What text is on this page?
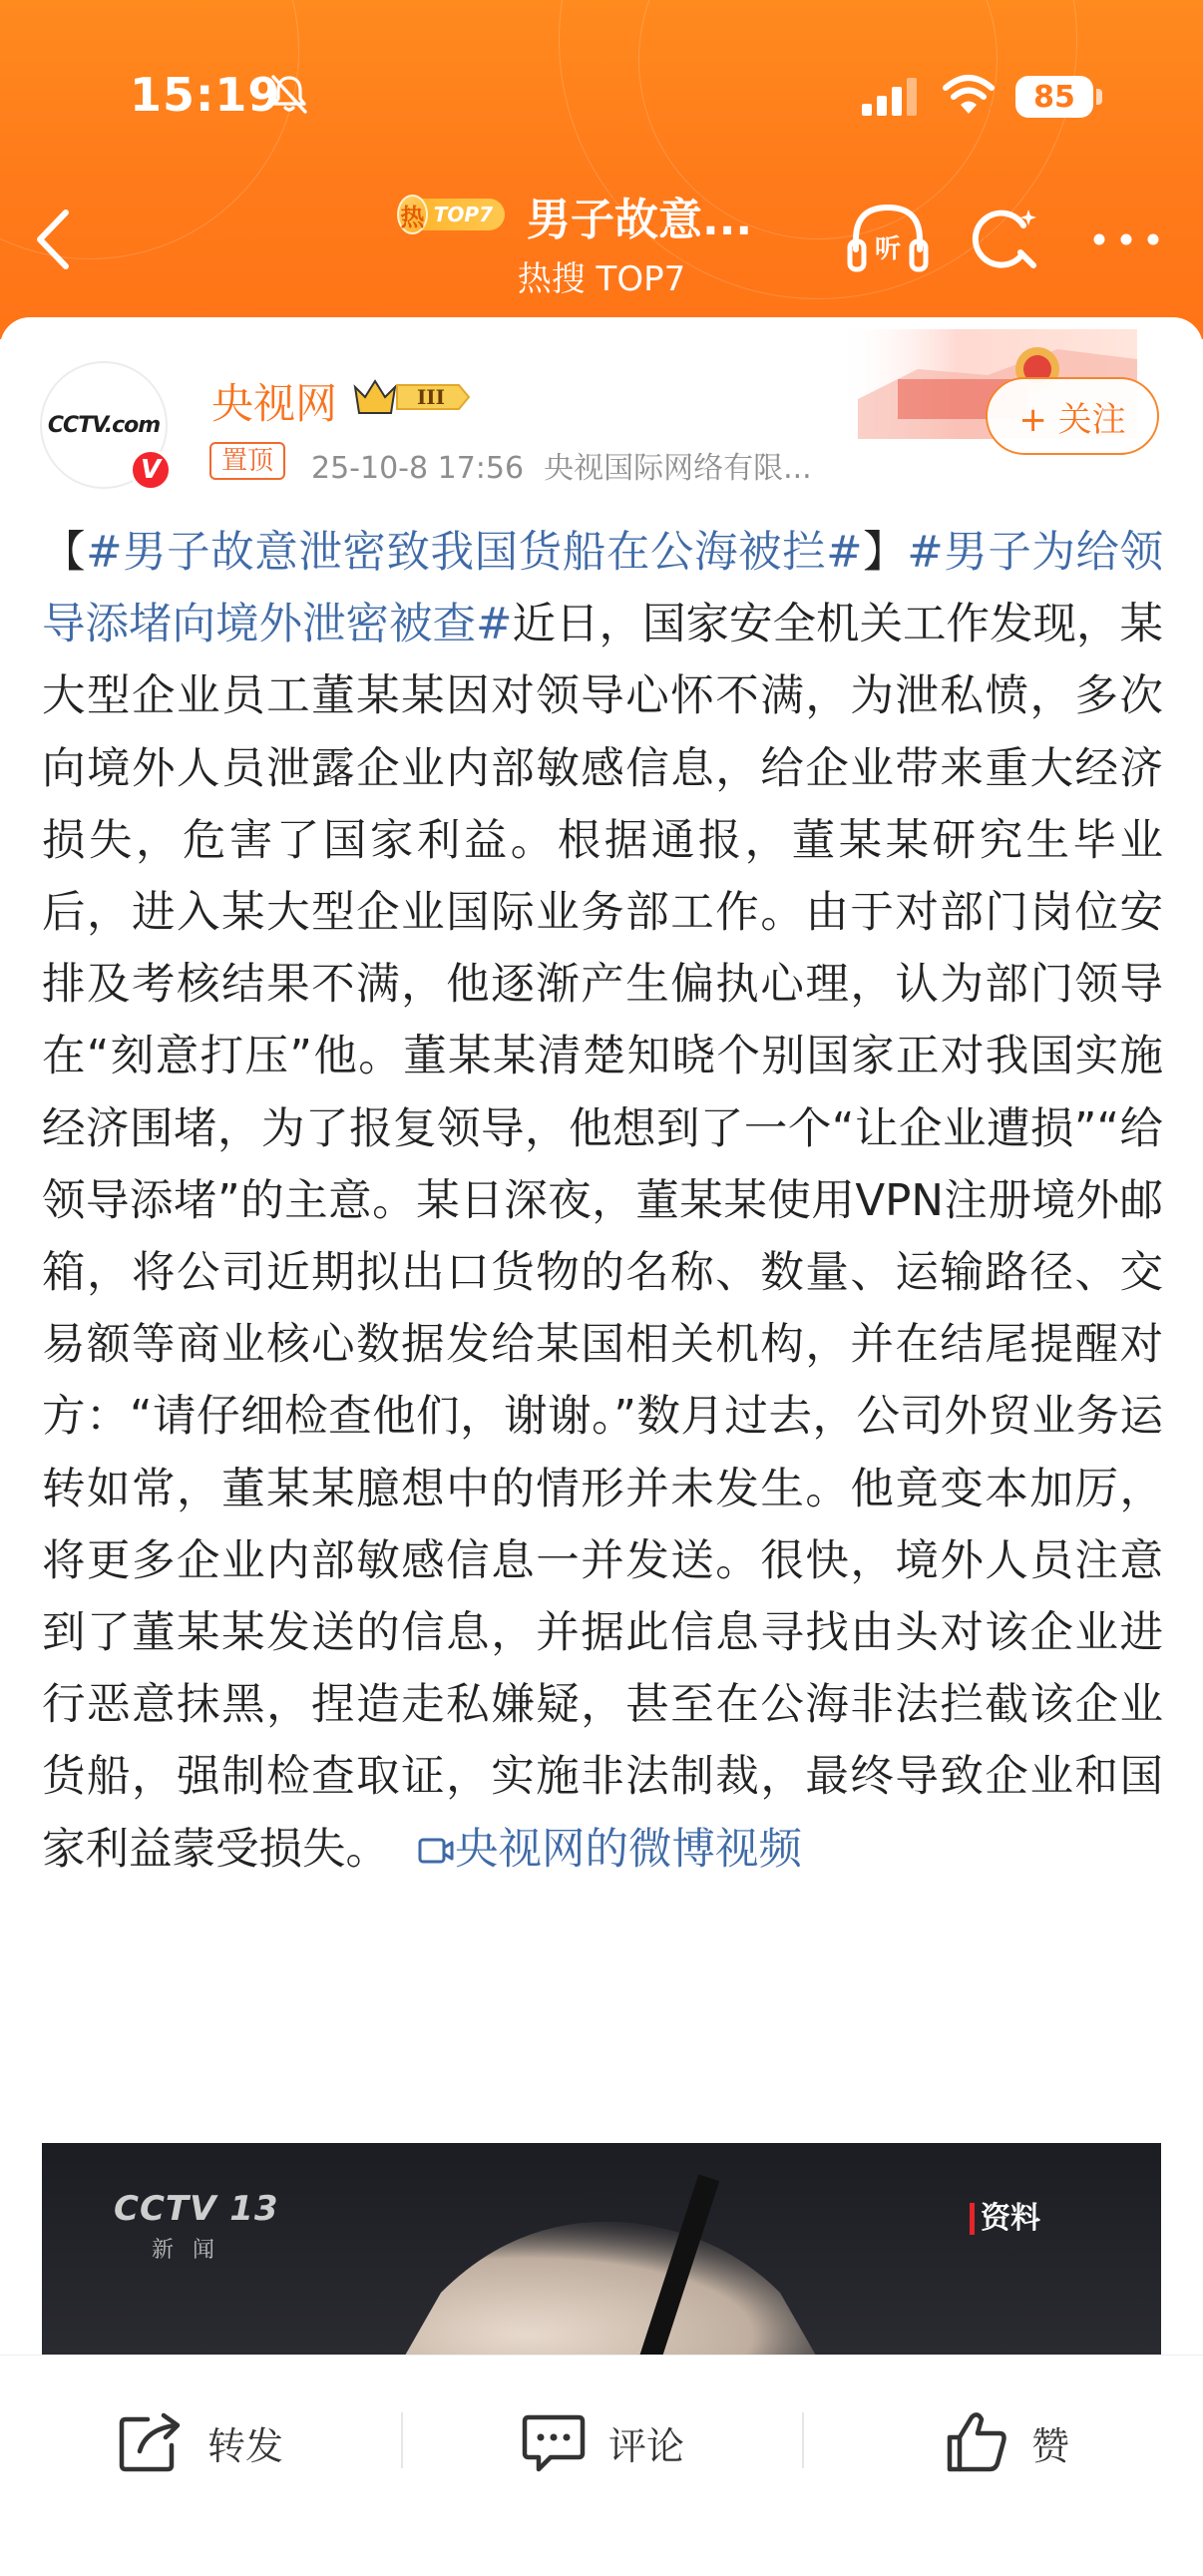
15:19	85
热 TOP7 男子故意...
热搜 TOP7
听
CCTV.com
V
央视网	III
置顶	25-10-8 17:56 央视国际网络有限...
+ 关注
【#男子故意泄密致我国货船在公海被拦#】#男子为给领导添堵向境外泄密被查#近日，国家安全机关工作发现，某大型企业员工董某某因对领导心怀不满，为泄私愤，多次向境外人员泄露企业内部敏感信息，给企业带来重大经济损失，危害了国家利益。根据通报，董某某研究生毕业后，进入某大型企业国际业务部工作。由于对部门岗位安排及考核结果不满，他逐渐产生偏执心理，认为部门领导在“刻意打压”他。董某某清楚知晓个别国家正对我国实施经济围堵，为了报复领导，他想到了一个“让企业遭损”“给领导添堵”的主意。某日深夜，董某某使用VPN注册境外邮箱，将公司近期拟出口货物的名称、数量、运输路径、交易额等商业核心数据发给某国相关机构，并在结尾提醒对方：“请仔细检查他们，谢谢。”数月过去，公司外贸业务运转如常，董某某臆想中的情形并未发生。他竟变本加厉，将更多企业内部敏感信息一并发送。很快，境外人员注意到了董某某发送的信息，并据此信息寻找由头对该企业进行恶意抹黑，捏造走私嫌疑，甚至在公海非法拦截该企业货船，强制检查取证，实施非法制裁，最终导致企业和国家利益蒙受损失。 央视网的微博视频
CCTV 13
新 闻
资料
转发	评论	赞
